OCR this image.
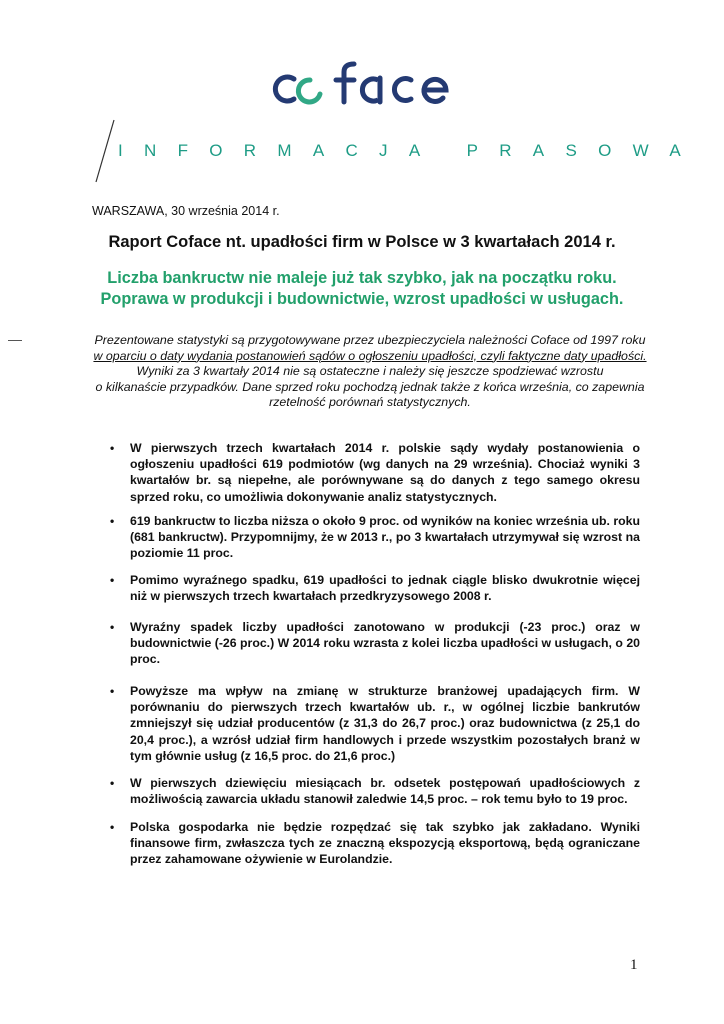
INFORMACJA PRASOWA
WARSZAWA, 30 września 2014 r.
Raport Coface nt. upadłości firm w Polsce w 3 kwartałach 2014 r.
Liczba bankructw nie maleje już tak szybko, jak na początku roku.
Poprawa w produkcji i budownictwie, wzrost upadłości w usługach.
Prezentowane statystyki są przygotowywane przez ubezpieczyciela należności Coface od 1997 roku
w oparciu o daty wydania postanowień sądów o ogłoszeniu upadłości, czyli faktyczne daty upadłości.
Wyniki za 3 kwartały 2014 nie są ostateczne i należy się jeszcze spodziewać wzrostu
o kilkanaście przypadków. Dane sprzed roku pochodzą jednak także z końca września, co zapewnia
rzetelność porównań statystycznych.
• W pierwszych trzech kwartałach 2014 r. polskie sądy wydały postanowienia o ogłoszeniu upadłości 619 podmiotów (wg danych na 29 września). Chociaż wyniki 3 kwartałów br. są niepełne, ale porównywane są do danych z tego samego okresu sprzed roku, co umożliwia dokonywanie analiz statystycznych.
• 619 bankructw to liczba niższa o około 9 proc. od wyników na koniec września ub. roku (681 bankructw). Przypomnijmy, że w 2013 r., po 3 kwartałach utrzymywał się wzrost na poziomie 11 proc.
• Pomimo wyraźnego spadku, 619 upadłości to jednak ciągle blisko dwukrotnie więcej niż w pierwszych trzech kwartałach przedkryzysowego 2008 r.
• Wyraźny spadek liczby upadłości zanotowano w produkcji (-23 proc.) oraz w budownictwie (-26 proc.) W 2014 roku wzrasta z kolei liczba upadłości w usługach, o 20 proc.
• Powyższe ma wpływ na zmianę w strukturze branżowej upadających firm. W porównaniu do pierwszych trzech kwartałów ub. r., w ogólnej liczbie bankrutów zmniejszył się udział producentów (z 31,3 do 26,7 proc.) oraz budownictwa (z 25,1 do 20,4 proc.), a wzrósł udział firm handlowych i przede wszystkim pozostałych branż w tym głównie usług (z 16,5 proc. do 21,6 proc.)
• W pierwszych dziewięciu miesiącach br. odsetek postępowań upadłościowych z możliwością zawarcia układu stanowił zaledwie 14,5 proc. – rok temu było to 19 proc.
• Polska gospodarka nie będzie rozpędzać się tak szybko jak zakładano. Wyniki finansowe firm, zwłaszcza tych ze znaczną ekspozycją eksportową, będą ograniczane przez zahamowane ożywienie w Eurolandzie.
1
